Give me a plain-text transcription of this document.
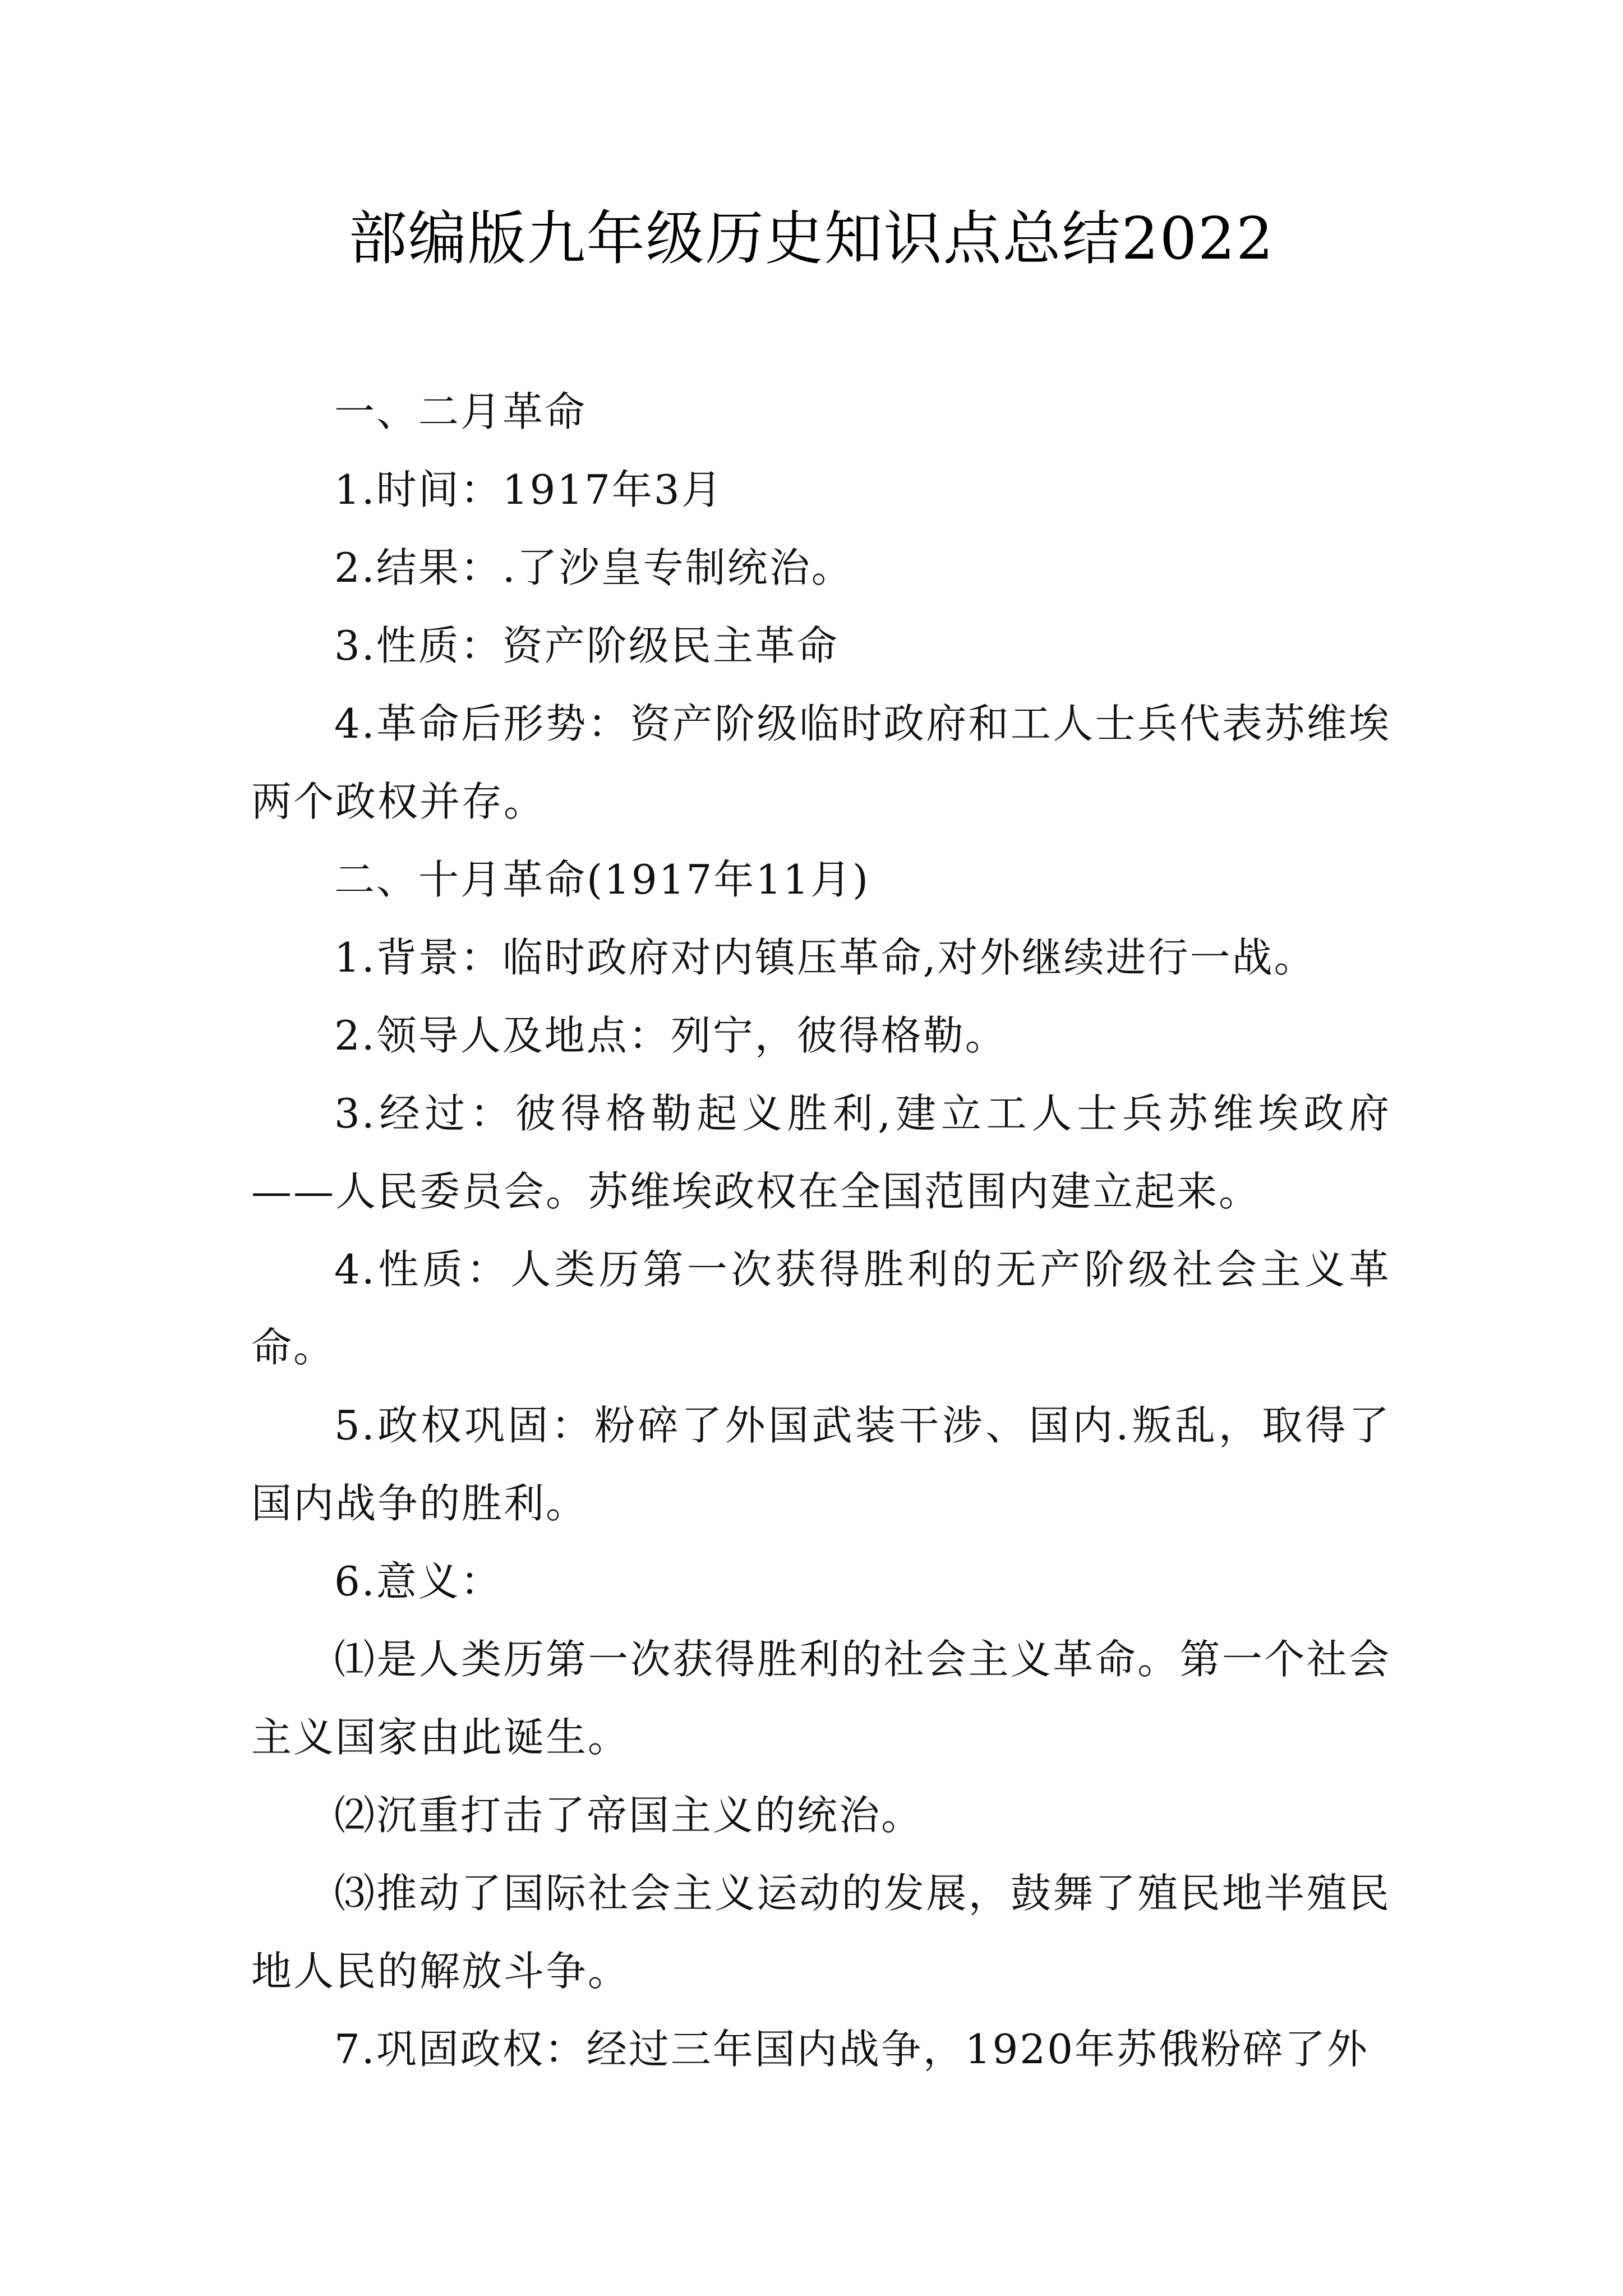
部编版九年级历史知识点总结2022

一、二月革命

1.时间：1917年3月

2.结果：.了沙皇专制统治。

3.性质：资产阶级民主革命

4.革命后形势：资产阶级临时政府和工人士兵代表苏维埃两个政权并存。

二、十月革命(1917年11月)

1.背景：临时政府对内镇压革命,对外继续进行一战。

2.领导人及地点：列宁，彼得格勒。

3.经过：彼得格勒起义胜利,建立工人士兵苏维埃政府——人民委员会。苏维埃政权在全国范围内建立起来。

4.性质：人类历第一次获得胜利的无产阶级社会主义革命。

5.政权巩固：粉碎了外国武装干涉、国内.叛乱，取得了国内战争的胜利。

6.意义：

⑴是人类历第一次获得胜利的社会主义革命。第一个社会主义国家由此诞生。

⑵沉重打击了帝国主义的统治。

⑶推动了国际社会主义运动的发展，鼓舞了殖民地半殖民地人民的解放斗争。

7.巩固政权：经过三年国内战争，1920年苏俄粉碎了外
